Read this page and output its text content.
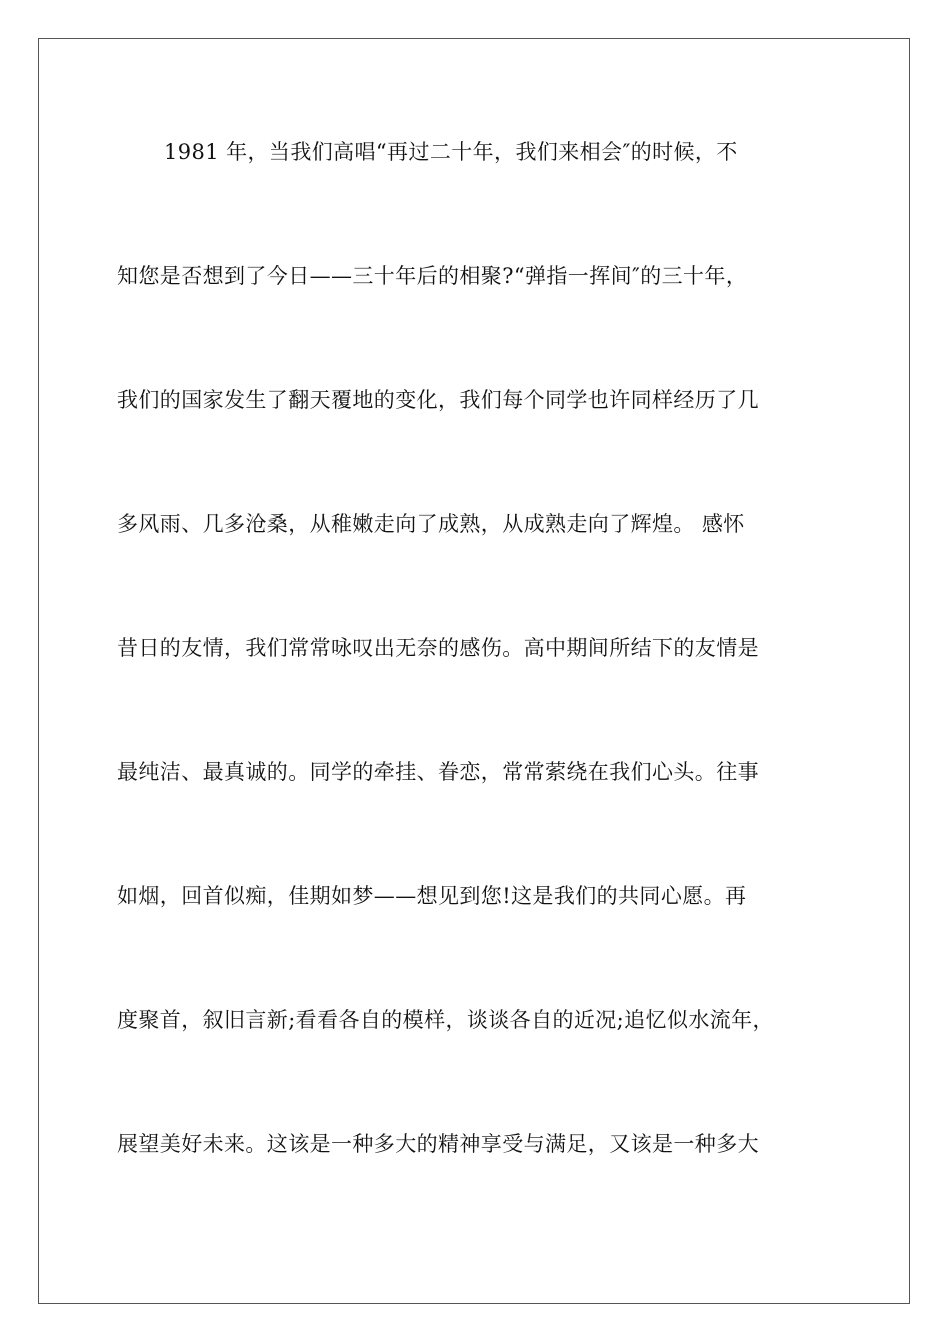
1981 年，当我们高唱“再过二十年，我们来相会″的时候，不
知您是否想到了今日——三十年后的相聚?“弹指一挥间″的三十年，
我们的国家发生了翻天覆地的变化，我们每个同学也许同样经历了几
多风雨、几多沧桑，从稚嫩走向了成熟，从成熟走向了辉煌。 感怀
昔日的友情，我们常常咏叹出无奈的感伤。高中期间所结下的友情是
最纯洁、最真诚的。同学的牵挂、眷恋，常常萦绕在我们心头。往事
如烟，回首似痴，佳期如梦——想见到您!这是我们的共同心愿。再
度聚首，叙旧言新;看看各自的模样，谈谈各自的近况;追忆似水流年，
展望美好未来。这该是一种多大的精神享受与满足，又该是一种多大
